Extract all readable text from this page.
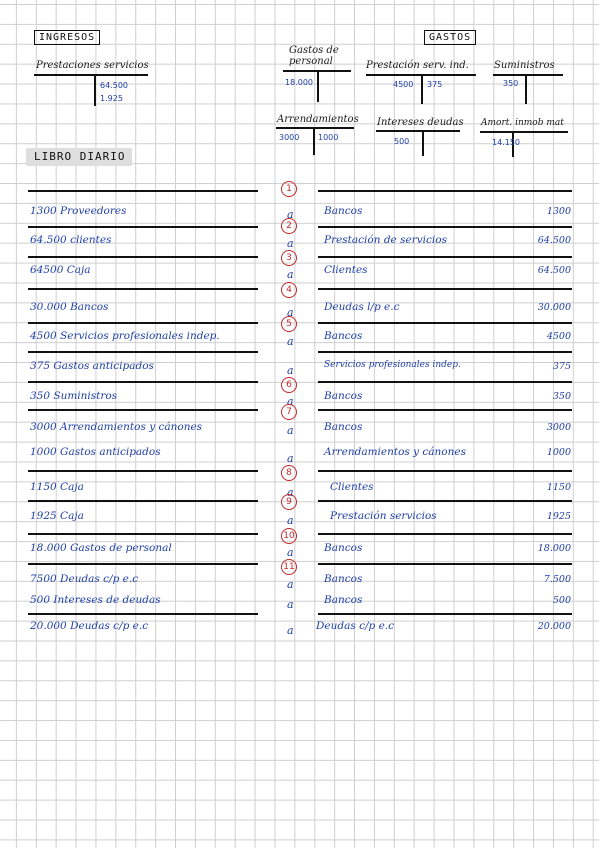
INGRESOS	GASTOS
Prestaciones servicios
64.500
1.925
Gastos de personal
18.000
Prestación serv. ind.
4500 375
Suministros
350
Arrendamientos
3000 1000
Intereses deudas
500
Amort. inmob mat
14.150
LIBRO DIARIO
1
1300 Proveedores	a	Bancos	1300
2
64.500 clientes	a	Prestación de servicios	64.500
3
64500 Caja	a	Clientes	64.500
4
30.000 Bancos	a	Deudas l/p e.c	30.000
5
4500 Servicios profesionales indep.	a	Bancos	4500
375 Gastos anticipados	a	Servicios profesionales indep.	375
6
350 Suministros	a	Bancos	350
7
3000 Arrendamientos y cánones	a	Bancos	3000
1000 Gastos anticipados	a	Arrendamientos y cánones	1000
8
1150 Caja	a	Clientes	1150
9
1925 Caja	a	Prestación servicios	1925
10
18.000 Gastos de personal	a	Bancos	18.000
11
7500 Deudas c/p e.c	a	Bancos	7.500
500 Intereses de deudas	a	Bancos	500
20.000 Deudas c/p e.c	a Deudas c/p e.c	20.000
